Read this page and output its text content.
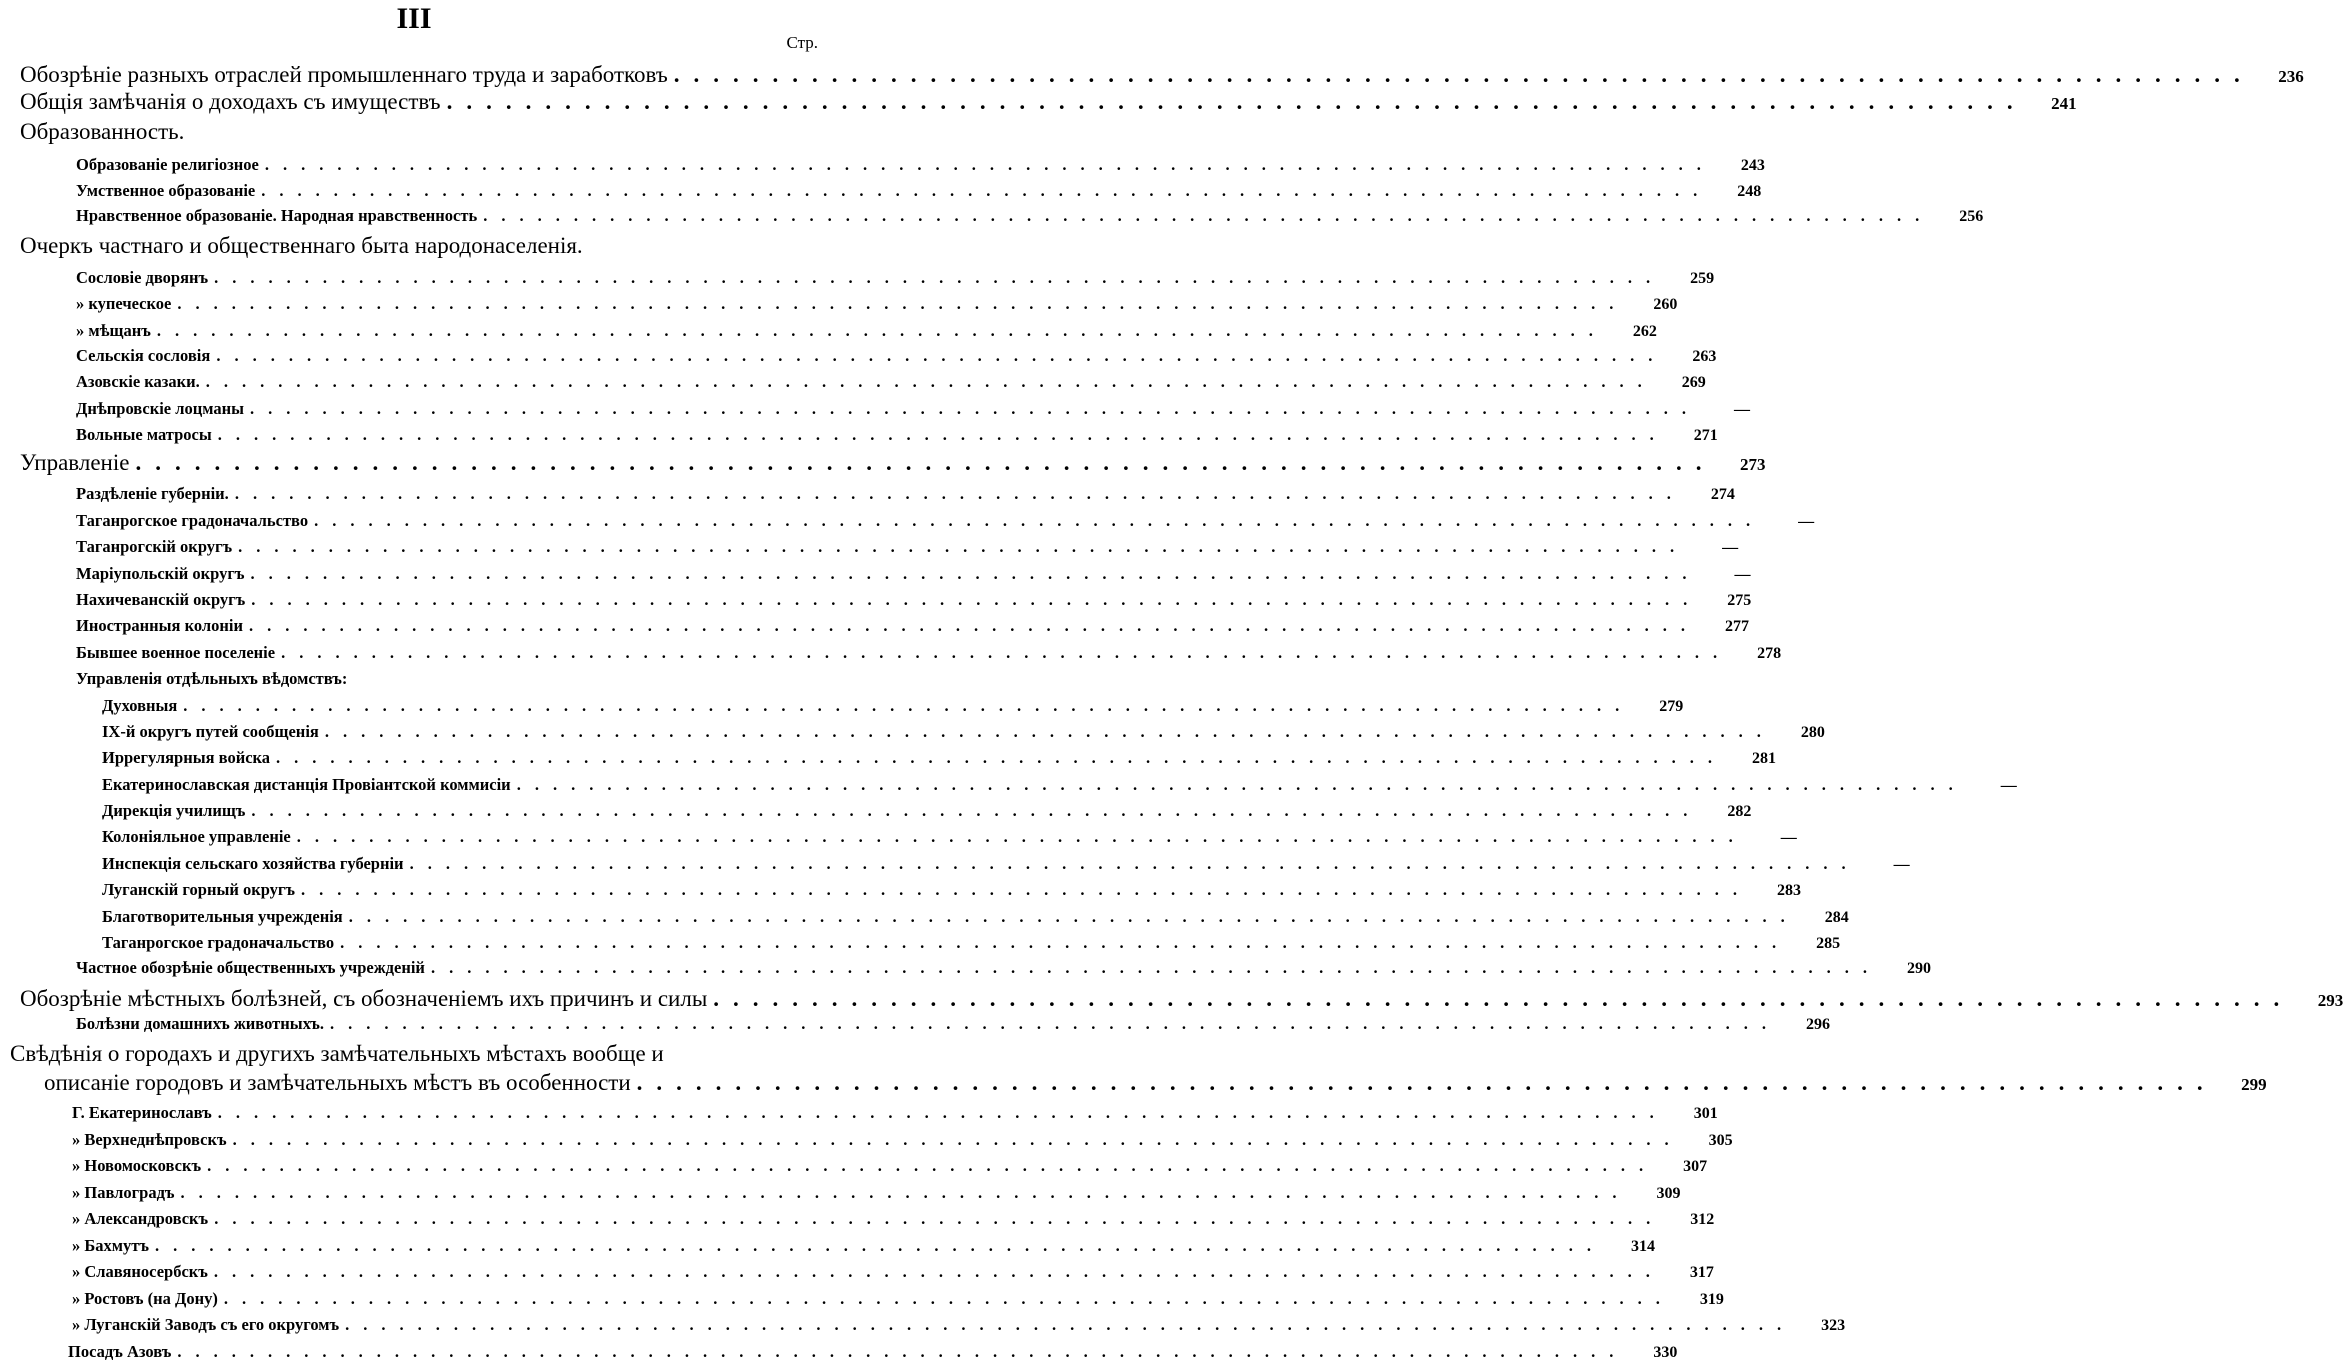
III
Стр.
Обозрѣніе разныхъ отраслей промышленнаго труда и заработковъ ................................................................................	236
Общія замѣчанія о доходахъ съ имуществъ ................................................................................	241
Образованность.
Образованіе религіозное ................................................................................	243
Умственное образованіе ................................................................................	248
Нравственное образованіе. Народная нравственность ................................................................................	256
Очеркъ частнаго и общественнаго быта народонаселенія.
Сословіе дворянъ ................................................................................	259
» купеческое ................................................................................	260
» мѣщанъ ................................................................................	262
Сельскія сословія ................................................................................	263
Азовскіе казаки. ................................................................................	269
Днѣпровскіе лоцманы ................................................................................	—
Вольные матросы ................................................................................	271
Управленіе ................................................................................	273
Раздѣленіе губерніи. ................................................................................	274
Таганрогское градоначальство ................................................................................	—
Таганрогскій округъ ................................................................................	—
Маріупольскій округъ ................................................................................	—
Нахичеванскій округъ ................................................................................	275
Иностранныя колоніи ................................................................................	277
Бывшее военное поселеніе ................................................................................	278
Управленія отдѣльныхъ вѣдомствъ:
Духовныя ................................................................................	279
IX-й округъ путей сообщенія ................................................................................	280
Иррегулярныя войска ................................................................................	281
Екатеринославская дистанція Провіантской коммисіи ................................................................................	—
Дирекція училищъ ................................................................................	282
Колоніяльное управленіе ................................................................................	—
Инспекція сельскаго хозяйства губерніи ................................................................................	—
Луганскій горный округъ ................................................................................	283
Благотворительныя учрежденія ................................................................................	284
Таганрогское градоначальство ................................................................................	285
Частное обозрѣніе общественныхъ учрежденій ................................................................................	290
Обозрѣніе мѣстныхъ болѣзней, съ обозначеніемъ ихъ причинъ и силы ................................................................................	293
Болѣзни домашнихъ животныхъ. ................................................................................	296
Свѣдѣнія о городахъ и другихъ замѣчательныхъ мѣстахъ вообще и
описаніе городовъ и замѣчательныхъ мѣстъ въ особенности ................................................................................	299
Г. Екатеринославъ ................................................................................	301
» Верхнеднѣпровскъ ................................................................................	305
» Новомосковскъ ................................................................................	307
» Павлоградъ ................................................................................	309
» Александровскъ ................................................................................	312
» Бахмутъ ................................................................................	314
» Славяносербскъ ................................................................................	317
» Ростовъ (на Дону) ................................................................................	319
» Луганскій Заводъ съ его округомъ ................................................................................	323
Посадъ Азовъ ................................................................................	330
